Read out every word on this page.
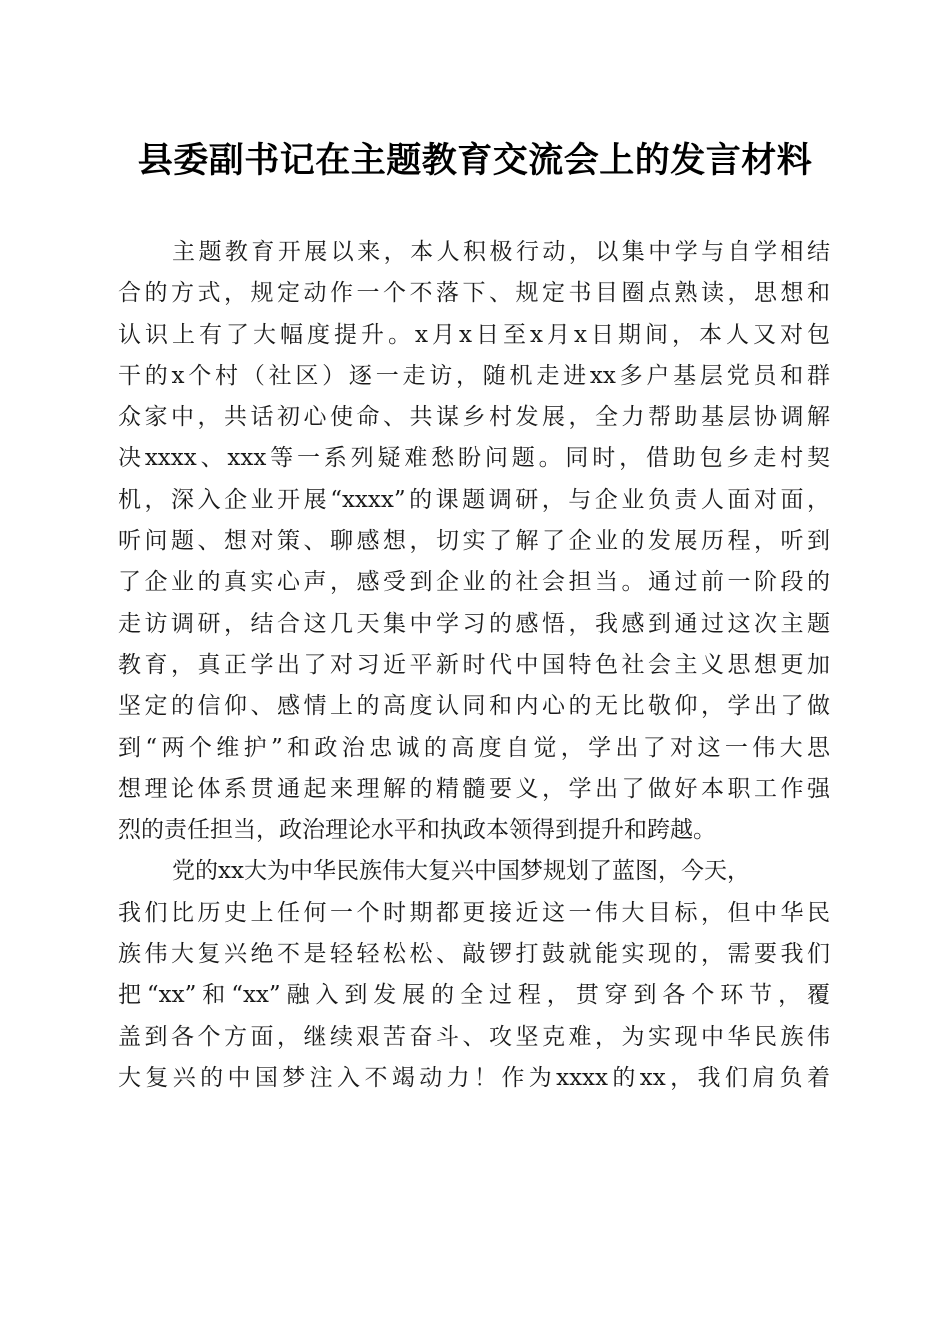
县委副书记在主题教育交流会上的发言材料
主题教育开展以来，本人积极行动，以集中学与自学相结
合的方式，规定动作一个不落下、规定书目圈点熟读，思想和
认识上有了大幅度提升。x月x日至x月x日期间，本人又对包
干的x个村（社区）逐一走访，随机走进xx多户基层党员和群
众家中，共话初心使命、共谋乡村发展，全力帮助基层协调解
决xxxx、xxx等一系列疑难愁盼问题。同时，借助包乡走村契
机，深入企业开展“xxxx”的课题调研，与企业负责人面对面，
听问题、想对策、聊感想，切实了解了企业的发展历程，听到
了企业的真实心声，感受到企业的社会担当。通过前一阶段的
走访调研，结合这几天集中学习的感悟，我感到通过这次主题
教育，真正学出了对习近平新时代中国特色社会主义思想更加
坚定的信仰、感情上的高度认同和内心的无比敬仰，学出了做
到“两个维护”和政治忠诚的高度自觉，学出了对这一伟大思
想理论体系贯通起来理解的精髓要义，学出了做好本职工作强
烈的责任担当，政治理论水平和执政本领得到提升和跨越。
党的xx大为中华民族伟大复兴中国梦规划了蓝图，今天，
我们比历史上任何一个时期都更接近这一伟大目标，但中华民
族伟大复兴绝不是轻轻松松、敲锣打鼓就能实现的，需要我们
把“xx”和“xx”融入到发展的全过程，贯穿到各个环节，覆
盖到各个方面，继续艰苦奋斗、攻坚克难，为实现中华民族伟
大复兴的中国梦注入不竭动力！作为xxxx的xx，我们肩负着
